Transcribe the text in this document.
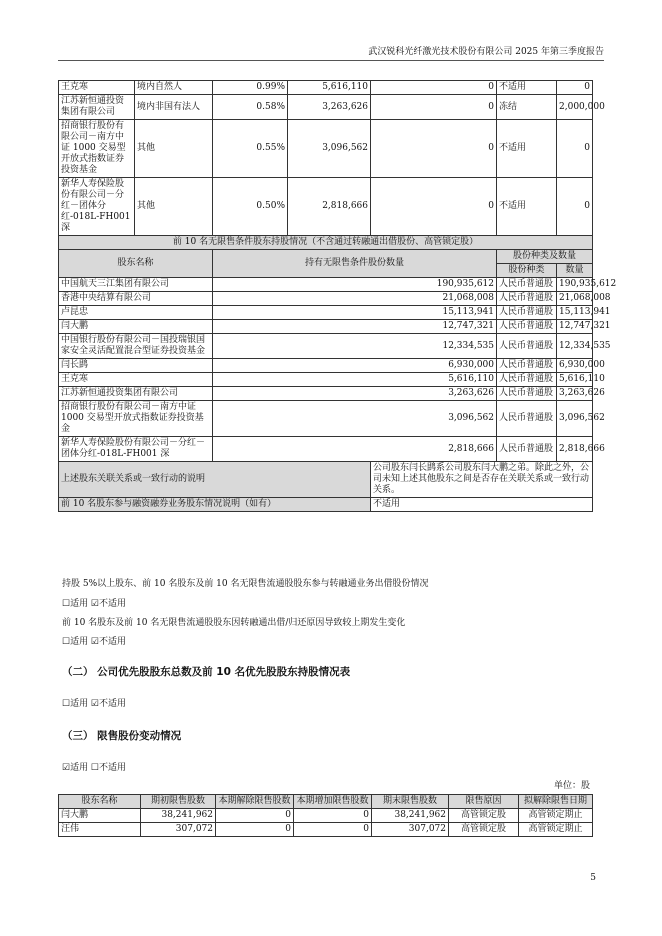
武汉锐科光纤激光技术股份有限公司 2025 年第三季度报告
王克寒	境内自然人	0.99%	5,616,110	0	不适用	0
江苏新恒通投资集团有限公司	境内非国有法人	0.58%	3,263,626	0	冻结	2,000,000
招商银行股份有限公司－南方中证 1000 交易型开放式指数证券投资基金	其他	0.55%	3,096,562	0	不适用	0
新华人寿保险股份有限公司－分红－团体分红-018L-FH001 深	其他	0.50%	2,818,666	0	不适用	0
前 10 名无限售条件股东持股情况（不含通过转融通出借股份、高管锁定股）						
股东名称		持有无限售条件股份数量			股份种类及数量	
					股份种类	数量
中国航天三江集团有限公司		190,935,612			人民币普通股	190,935,612
香港中央结算有限公司		21,068,008			人民币普通股	21,068,008
卢昆忠		15,113,941			人民币普通股	15,113,941
闫大鹏		12,747,321			人民币普通股	12,747,321
中国银行股份有限公司－国投瑞银国家安全灵活配置混合型证券投资基金		12,334,535			人民币普通股	12,334,535
闫长鹍		6,930,000			人民币普通股	6,930,000
王克寒		5,616,110			人民币普通股	5,616,110
江苏新恒通投资集团有限公司		3,263,626			人民币普通股	3,263,626
招商银行股份有限公司－南方中证 1000 交易型开放式指数证券投资基金		3,096,562			人民币普通股	3,096,562
新华人寿保险股份有限公司－分红－团体分红-018L-FH001 深		2,818,666			人民币普通股	2,818,666
上述股东关联关系或一致行动的说明				公司股东闫长鹍系公司股东闫大鹏之弟。除此之外，公司未知上述其他股东之间是否存在关联关系或一致行动关系。		
前 10 名股东参与融资融券业务股东情况说明（如有）				不适用		
持股 5%以上股东、前 10 名股东及前 10 名无限售流通股股东参与转融通业务出借股份情况
☐适用 ☑不适用
前 10 名股东及前 10 名无限售流通股股东因转融通出借/归还原因导致较上期发生变化
☐适用 ☑不适用
（二） 公司优先股股东总数及前 10 名优先股股东持股情况表
☐适用 ☑不适用
（三） 限售股份变动情况
☑适用 ☐不适用
单位：股
股东名称	期初限售股数	本期解除限售股数	本期增加限售股数	期末限售股数	限售原因	拟解除限售日期
闫大鹏	38,241,962	0	0	38,241,962	高管锁定股	高管锁定期止
汪伟	307,072	0	0	307,072	高管锁定股	高管锁定期止
5
